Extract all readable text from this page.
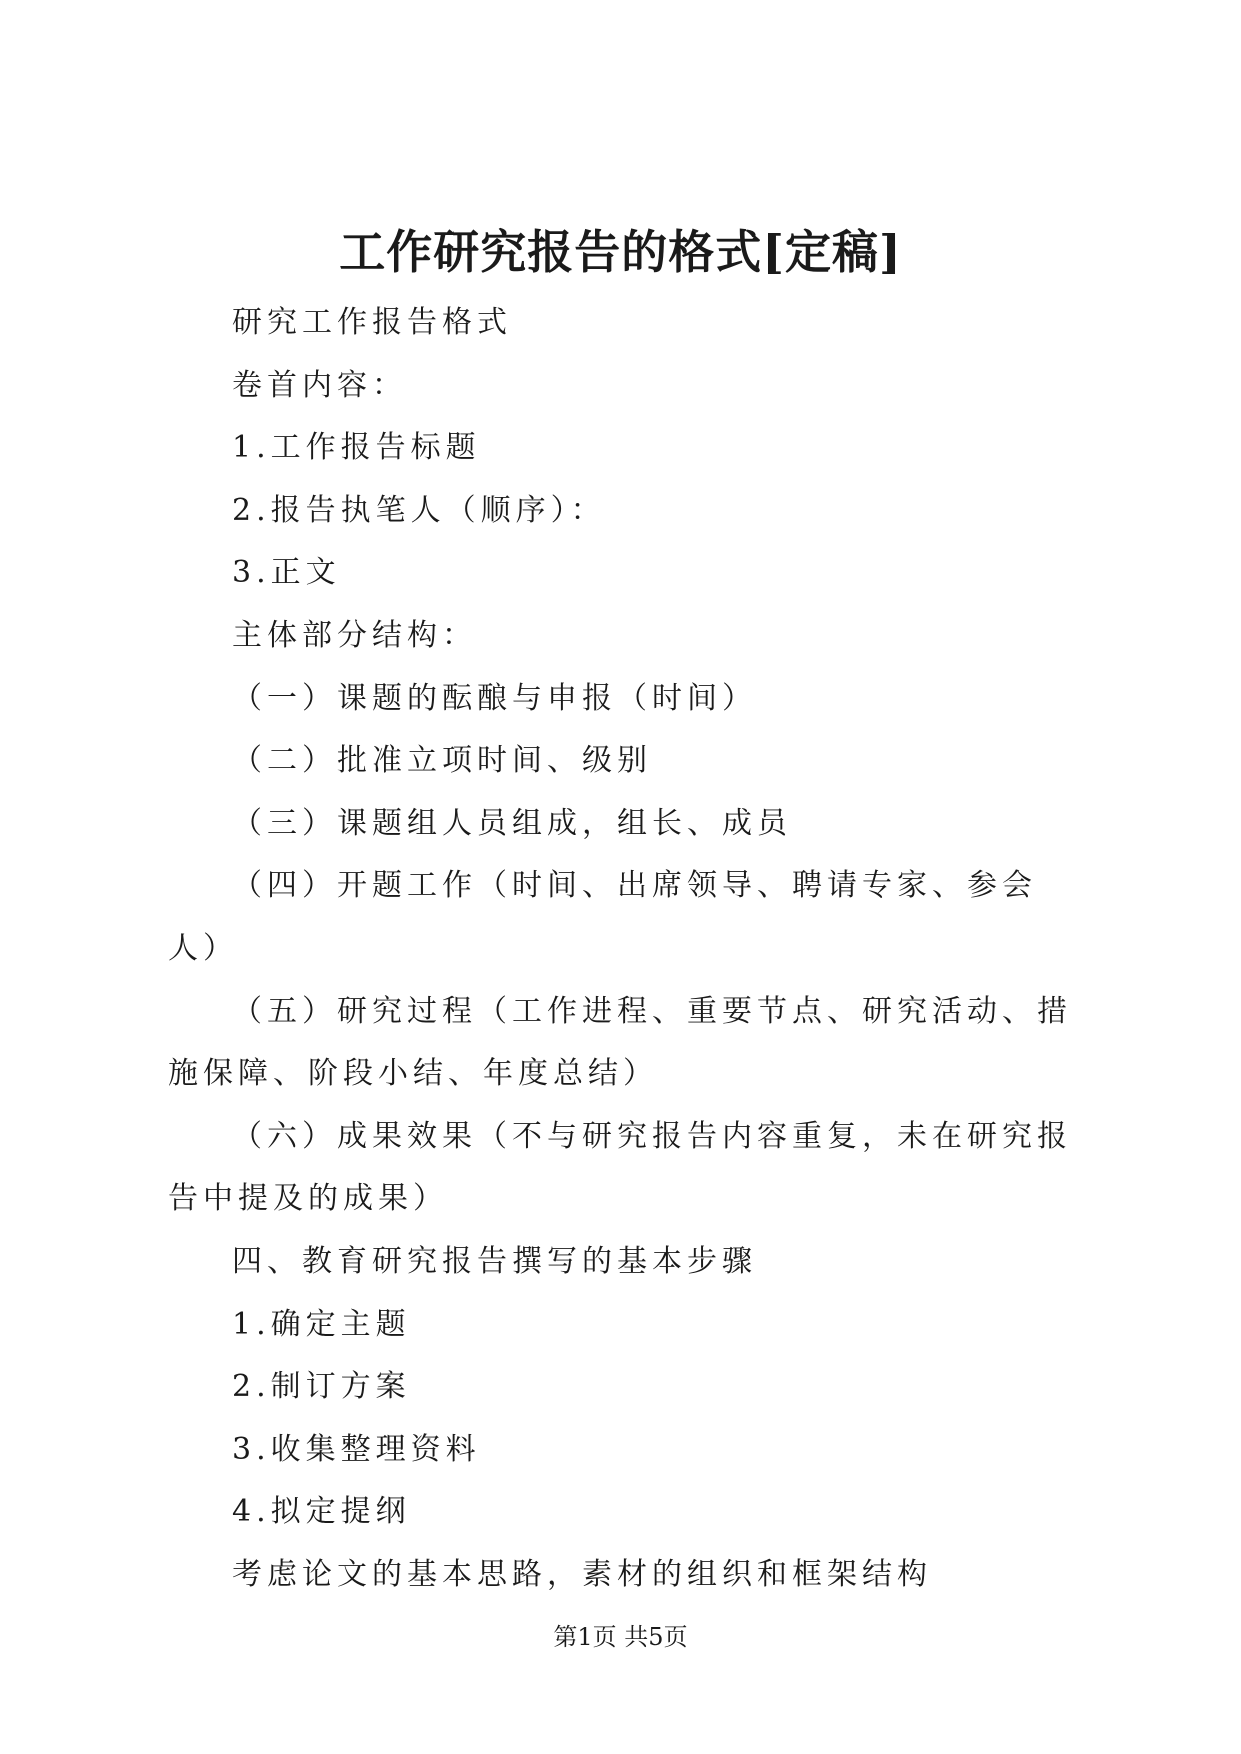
工作研究报告的格式[定稿]

研究工作报告格式

卷首内容：

1.工作报告标题

2.报告执笔人（顺序）：

3.正文

主体部分结构：

（一）课题的酝酿与申报（时间）

（二）批准立项时间、级别

（三）课题组人员组成，组长、成员

（四）开题工作（时间、出席领导、聘请专家、参会人）

（五）研究过程（工作进程、重要节点、研究活动、措施保障、阶段小结、年度总结）

（六）成果效果（不与研究报告内容重复，未在研究报告中提及的成果）

四、教育研究报告撰写的基本步骤

1.确定主题

2.制订方案

3.收集整理资料

4.拟定提纲

考虑论文的基本思路，素材的组织和框架结构

第1页 共5页
